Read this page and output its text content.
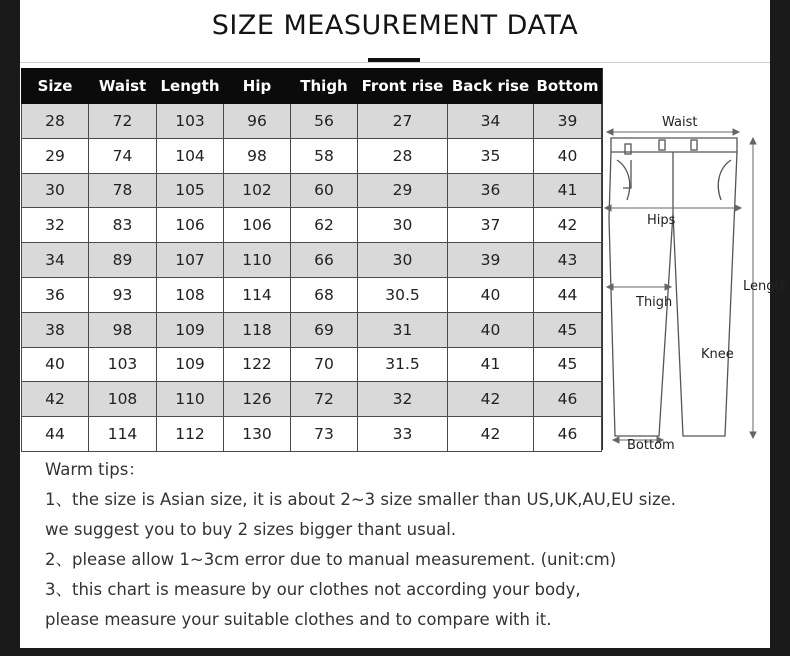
SIZE MEASUREMENT DATA
Size	Waist	Length	Hip	Thigh	Front rise	Back rise	Bottom
28	72	103	96	56	27	34	39
29	74	104	98	58	28	35	40
30	78	105	102	60	29	36	41
32	83	106	106	62	30	37	42
34	89	107	110	66	30	39	43
36	93	108	114	68	30.5	40	44
38	98	109	118	69	31	40	45
40	103	109	122	70	31.5	41	45
42	108	110	126	72	32	42	46
44	114	112	130	73	33	42	46
Waist
Hips
Length
Thigh
Knee
Bottom
Warm tips：
1、the size is Asian size, it is about 2~3 size smaller than US,UK,AU,EU size.
we suggest you to buy 2 sizes bigger thant usual.
2、please allow 1~3cm error due to manual measurement. (unit:cm)
3、this chart is measure by our clothes not according your body,
please measure your suitable clothes and to compare with it.
